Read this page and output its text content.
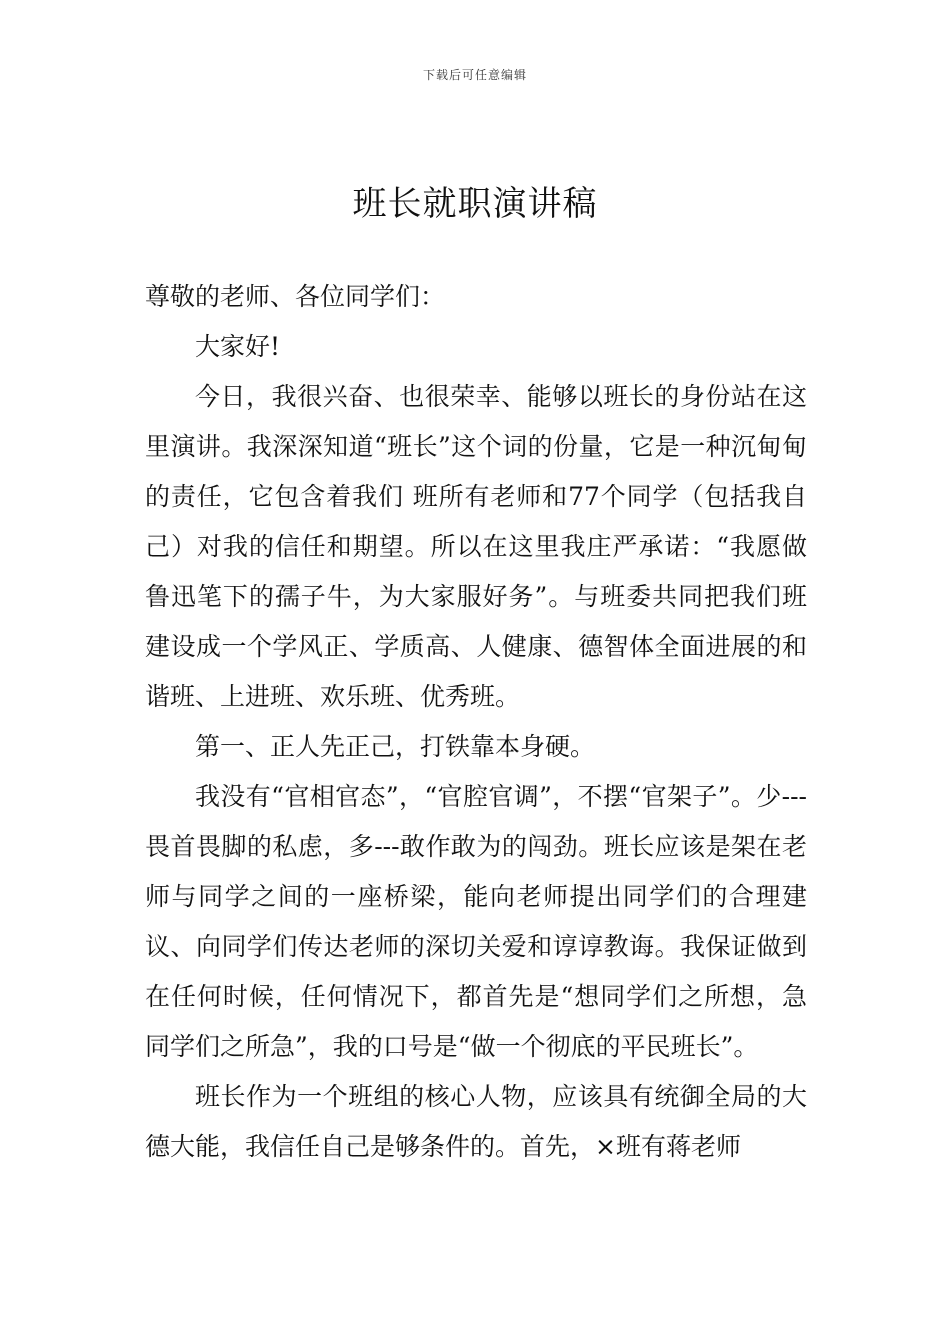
下载后可任意编辑
班长就职演讲稿

尊敬的老师、各位同学们：

大家好!

今日，我很兴奋、也很荣幸、能够以班长的身份站在这里演讲。我深深知道“班长”这个词的份量，它是一种沉甸甸的责任，它包含着我们 班所有老师和77个同学（包括我自己）对我的信任和期望。所以在这里我庄严承诺：“我愿做鲁迅笔下的孺子牛，为大家服好务”。与班委共同把我们班建设成一个学风正、学质高、人健康、德智体全面进展的和谐班、上进班、欢乐班、优秀班。

第一、正人先正己，打铁靠本身硬。

我没有“官相官态”，“官腔官调”，不摆“官架子”。少---畏首畏脚的私虑，多---敢作敢为的闯劲。班长应该是架在老师与同学之间的一座桥梁，能向老师提出同学们的合理建议、向同学们传达老师的深切关爱和谆谆教诲。我保证做到在任何时候，任何情况下，都首先是“想同学们之所想，急同学们之所急”，我的口号是“做一个彻底的平民班长”。

班长作为一个班组的核心人物，应该具有统御全局的大德大能，我信任自己是够条件的。首先，×班有蒋老师
